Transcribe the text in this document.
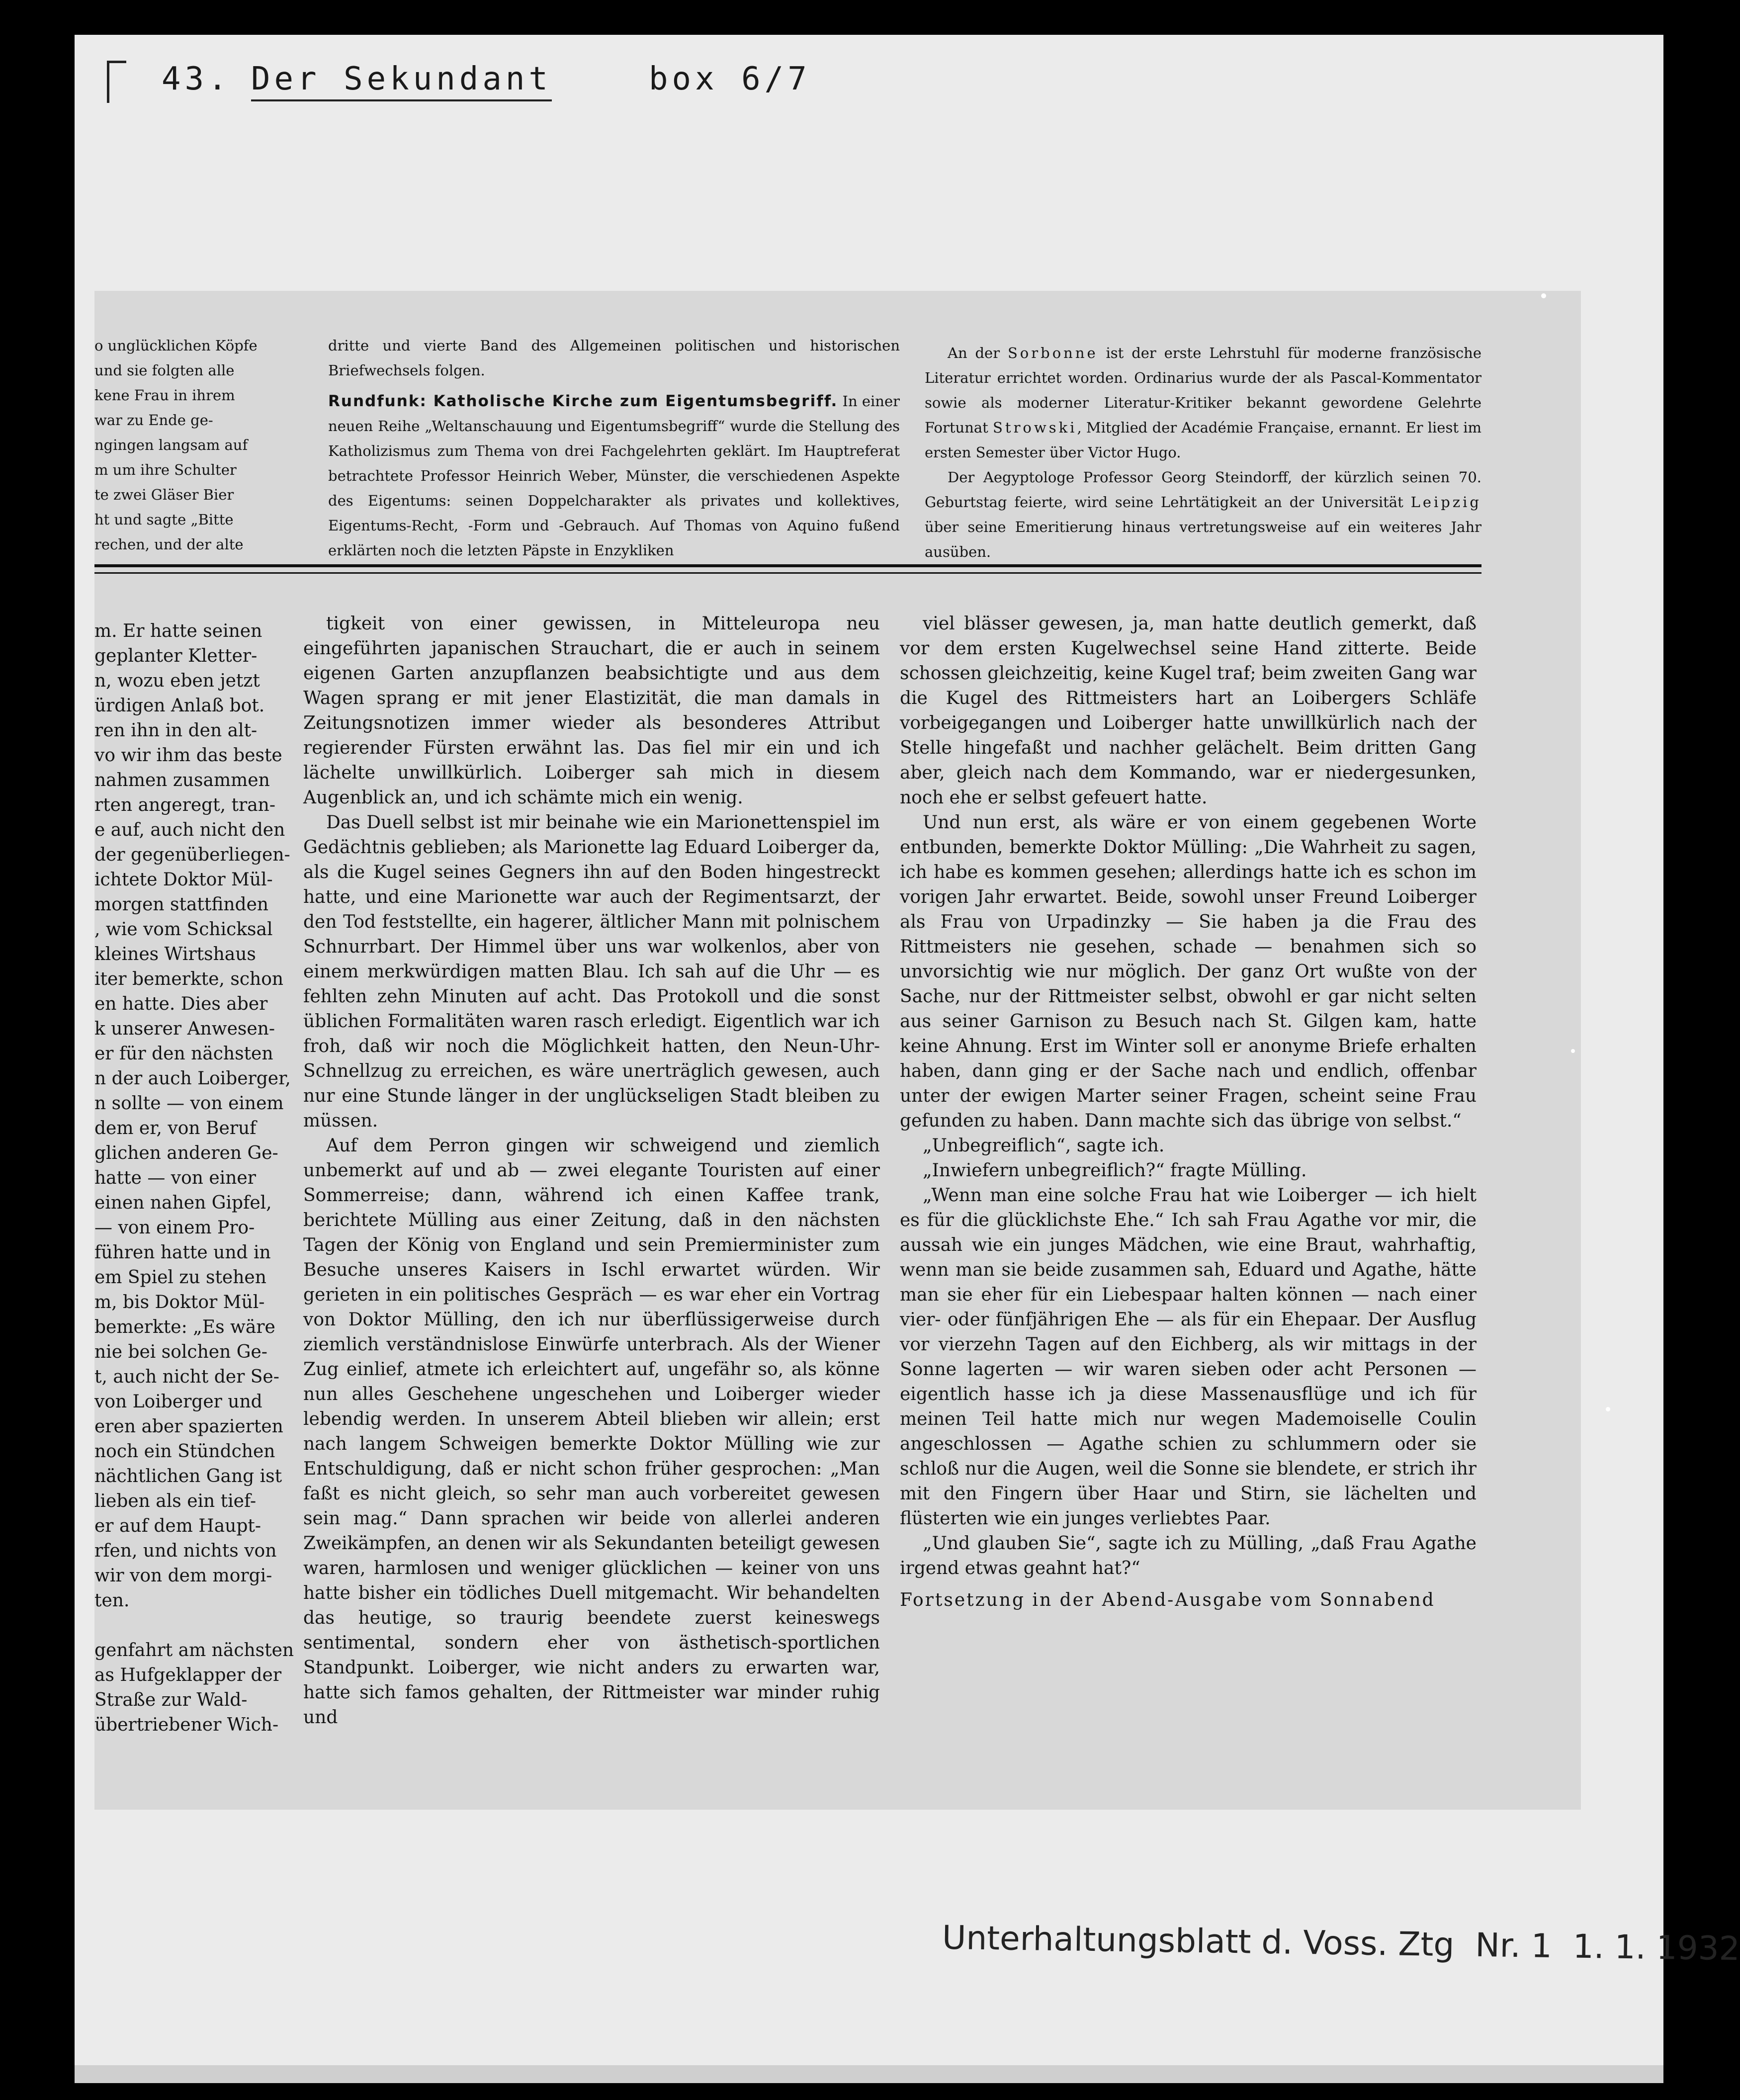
43. Der Sekundant	box 6/7
o unglücklichen Köpfe
und sie folgten alle
kene Frau in ihrem
war zu Ende ge-
ngingen langsam auf
m um ihre Schulter
te zwei Gläser Bier
ht und sagte „Bitte
rechen, und der alte

dritte und vierte Band des Allgemeinen politischen und historischen Briefwechsels folgen.

Rundfunk: Katholische Kirche zum Eigentumsbegriff. In einer neuen Reihe „Weltanschauung und Eigentumsbegriff“ wurde die Stellung des Katholizismus zum Thema von drei Fachgelehrten geklärt. Im Hauptreferat betrachtete Professor Heinrich Weber, Münster, die verschiedenen Aspekte des Eigentums: seinen Doppelcharakter als privates und kollektives, Eigentums-Recht, -Form und -Gebrauch. Auf Thomas von Aquino fußend erklärten noch die letzten Päpste in Enzykliken

An der Sorbonne ist der erste Lehrstuhl für moderne französische Literatur errichtet worden. Ordinarius wurde der als Pascal-Kommentator sowie als moderner Literatur-Kritiker bekannt gewordene Gelehrte Fortunat Strowski, Mitglied der Académie Française, ernannt. Er liest im ersten Semester über Victor Hugo.

Der Aegyptologe Professor Georg Steindorff, der kürzlich seinen 70. Geburtstag feierte, wird seine Lehrtätigkeit an der Universität Leipzig über seine Emeritierung hinaus vertretungsweise auf ein weiteres Jahr ausüben.

m. Er hatte seinen
geplanter Kletter-
n, wozu eben jetzt
ürdigen Anlaß bot.
ren ihn in den alt-
vo wir ihm das beste
nahmen zusammen
rten angeregt, tran-
e auf, auch nicht den
der gegenüberliegen-
ichtete Doktor Mül-
morgen stattfinden
, wie vom Schicksal
kleines Wirtshaus
iter bemerkte, schon
en hatte. Dies aber
k unserer Anwesen-
er für den nächsten
n der auch Loiberger,
n sollte — von einem
dem er, von Beruf
glichen anderen Ge-
hatte — von einer
einen nahen Gipfel,
— von einem Pro-
führen hatte und in
em Spiel zu stehen
m, bis Doktor Mül-
bemerkte: „Es wäre
nie bei solchen Ge-
t, auch nicht der Se-
von Loiberger und
eren aber spazierten
noch ein Stündchen
nächtlichen Gang ist
lieben als ein tief-
er auf dem Haupt-
rfen, und nichts von
wir von dem morgi-
ten.
genfahrt am nächsten
as Hufgeklapper der
Straße zur Wald-
übertriebener Wich-

tigkeit von einer gewissen, in Mitteleuropa neu eingeführten japanischen Strauchart, die er auch in seinem eigenen Garten anzupflanzen beabsichtigte und aus dem Wagen sprang er mit jener Elastizität, die man damals in Zeitungsnotizen immer wieder als besonderes Attribut regierender Fürsten erwähnt las. Das fiel mir ein und ich lächelte unwillkürlich. Loiberger sah mich in diesem Augenblick an, und ich schämte mich ein wenig.

Das Duell selbst ist mir beinahe wie ein Marionettenspiel im Gedächtnis geblieben; als Marionette lag Eduard Loiberger da, als die Kugel seines Gegners ihn auf den Boden hingestreckt hatte, und eine Marionette war auch der Regimentsarzt, der den Tod feststellte, ein hagerer, ältlicher Mann mit polnischem Schnurrbart. Der Himmel über uns war wolkenlos, aber von einem merkwürdigen matten Blau. Ich sah auf die Uhr — es fehlten zehn Minuten auf acht. Das Protokoll und die sonst üblichen Formalitäten waren rasch erledigt. Eigentlich war ich froh, daß wir noch die Möglichkeit hatten, den Neun-Uhr-Schnellzug zu erreichen, es wäre unerträglich gewesen, auch nur eine Stunde länger in der unglückseligen Stadt bleiben zu müssen.

Auf dem Perron gingen wir schweigend und ziemlich unbemerkt auf und ab — zwei elegante Touristen auf einer Sommerreise; dann, während ich einen Kaffee trank, berichtete Mülling aus einer Zeitung, daß in den nächsten Tagen der König von England und sein Premierminister zum Besuche unseres Kaisers in Ischl erwartet würden. Wir gerieten in ein politisches Gespräch — es war eher ein Vortrag von Doktor Mülling, den ich nur überflüssigerweise durch ziemlich verständnislose Einwürfe unterbrach. Als der Wiener Zug einlief, atmete ich erleichtert auf, ungefähr so, als könne nun alles Geschehene ungeschehen und Loiberger wieder lebendig werden. In unserem Abteil blieben wir allein; erst nach langem Schweigen bemerkte Doktor Mülling wie zur Entschuldigung, daß er nicht schon früher gesprochen: „Man faßt es nicht gleich, so sehr man auch vorbereitet gewesen sein mag.“ Dann sprachen wir beide von allerlei anderen Zweikämpfen, an denen wir als Sekundanten beteiligt gewesen waren, harmlosen und weniger glücklichen — keiner von uns hatte bisher ein tödliches Duell mitgemacht. Wir behandelten das heutige, so traurig beendete zuerst keineswegs sentimental, sondern eher von ästhetisch-sportlichen Standpunkt. Loiberger, wie nicht anders zu erwarten war, hatte sich famos gehalten, der Rittmeister war minder ruhig und

viel blässer gewesen, ja, man hatte deutlich gemerkt, daß vor dem ersten Kugelwechsel seine Hand zitterte. Beide schossen gleichzeitig, keine Kugel traf; beim zweiten Gang war die Kugel des Rittmeisters hart an Loibergers Schläfe vorbeigegangen und Loiberger hatte unwillkürlich nach der Stelle hingefaßt und nachher gelächelt. Beim dritten Gang aber, gleich nach dem Kommando, war er niedergesunken, noch ehe er selbst gefeuert hatte.

Und nun erst, als wäre er von einem gegebenen Worte entbunden, bemerkte Doktor Mülling: „Die Wahrheit zu sagen, ich habe es kommen gesehen; allerdings hatte ich es schon im vorigen Jahr erwartet. Beide, sowohl unser Freund Loiberger als Frau von Urpadinzky — Sie haben ja die Frau des Rittmeisters nie gesehen, schade — benahmen sich so unvorsichtig wie nur möglich. Der ganz Ort wußte von der Sache, nur der Rittmeister selbst, obwohl er gar nicht selten aus seiner Garnison zu Besuch nach St. Gilgen kam, hatte keine Ahnung. Erst im Winter soll er anonyme Briefe erhalten haben, dann ging er der Sache nach und endlich, offenbar unter der ewigen Marter seiner Fragen, scheint seine Frau gefunden zu haben. Dann machte sich das übrige von selbst.“

„Unbegreiflich“, sagte ich.

„Inwiefern unbegreiflich?“ fragte Mülling.

„Wenn man eine solche Frau hat wie Loiberger — ich hielt es für die glücklichste Ehe.“ Ich sah Frau Agathe vor mir, die aussah wie ein junges Mädchen, wie eine Braut, wahrhaftig, wenn man sie beide zusammen sah, Eduard und Agathe, hätte man sie eher für ein Liebespaar halten können — nach einer vier- oder fünfjährigen Ehe — als für ein Ehepaar. Der Ausflug vor vierzehn Tagen auf den Eichberg, als wir mittags in der Sonne lagerten — wir waren sieben oder acht Personen — eigentlich hasse ich ja diese Massenausflüge und ich für meinen Teil hatte mich nur wegen Mademoiselle Coulin angeschlossen — Agathe schien zu schlummern oder sie schloß nur die Augen, weil die Sonne sie blendete, er strich ihr mit den Fingern über Haar und Stirn, sie lächelten und flüsterten wie ein junges verliebtes Paar.

„Und glauben Sie“, sagte ich zu Mülling, „daß Frau Agathe irgend etwas geahnt hat?“

Fortsetzung in der Abend-Ausgabe vom Sonnabend

Unterhaltungsblatt d. Voss. Ztg Nr. 1 1. 1. 1932
